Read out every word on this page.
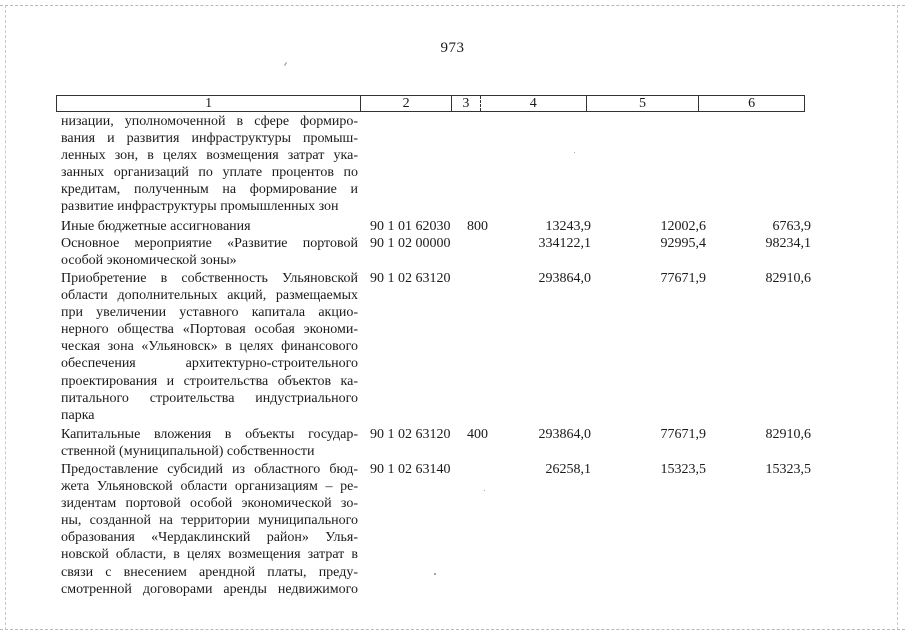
973
1	2	3	4	5	6
низации, уполномоченной в сфере формиро-
вания и развития инфраструктуры промыш-
ленных зон, в целях возмещения затрат ука-
занных организаций по уплате процентов по
кредитам, полученным на формирование и
развитие инфраструктуры промышленных зон
Иные бюджетные ассигнования	90 1 01 62030 800	13243,9	12002,6	6763,9
Основное мероприятие «Развитие портовой
особой экономической зоны»
90 1 02 00000	334122,1	92995,4	98234,1
Приобретение в собственность Ульяновской
области дополнительных акций, размещаемых
при увеличении уставного капитала акцио-
нерного общества «Портовая особая экономи-
ческая зона «Ульяновск» в целях финансового
обеспечения архитектурно-строительного
проектирования и строительства объектов ка-
питального строительства индустриального
парка
90 1 02 63120	293864,0	77671,9	82910,6
Капитальные вложения в объекты государ-
ственной (муниципальной) собственности
90 1 02 63120 400	293864,0	77671,9	82910,6
Предоставление субсидий из областного бюд-
жета Ульяновской области организациям – ре-
зидентам портовой особой экономической зо-
ны, созданной на территории муниципального
образования «Чердаклинский район» Улья-
новской области, в целях возмещения затрат в
связи с внесением арендной платы, преду-
смотренной договорами аренды недвижимого
90 1 02 63140	26258,1	15323,5	15323,5
